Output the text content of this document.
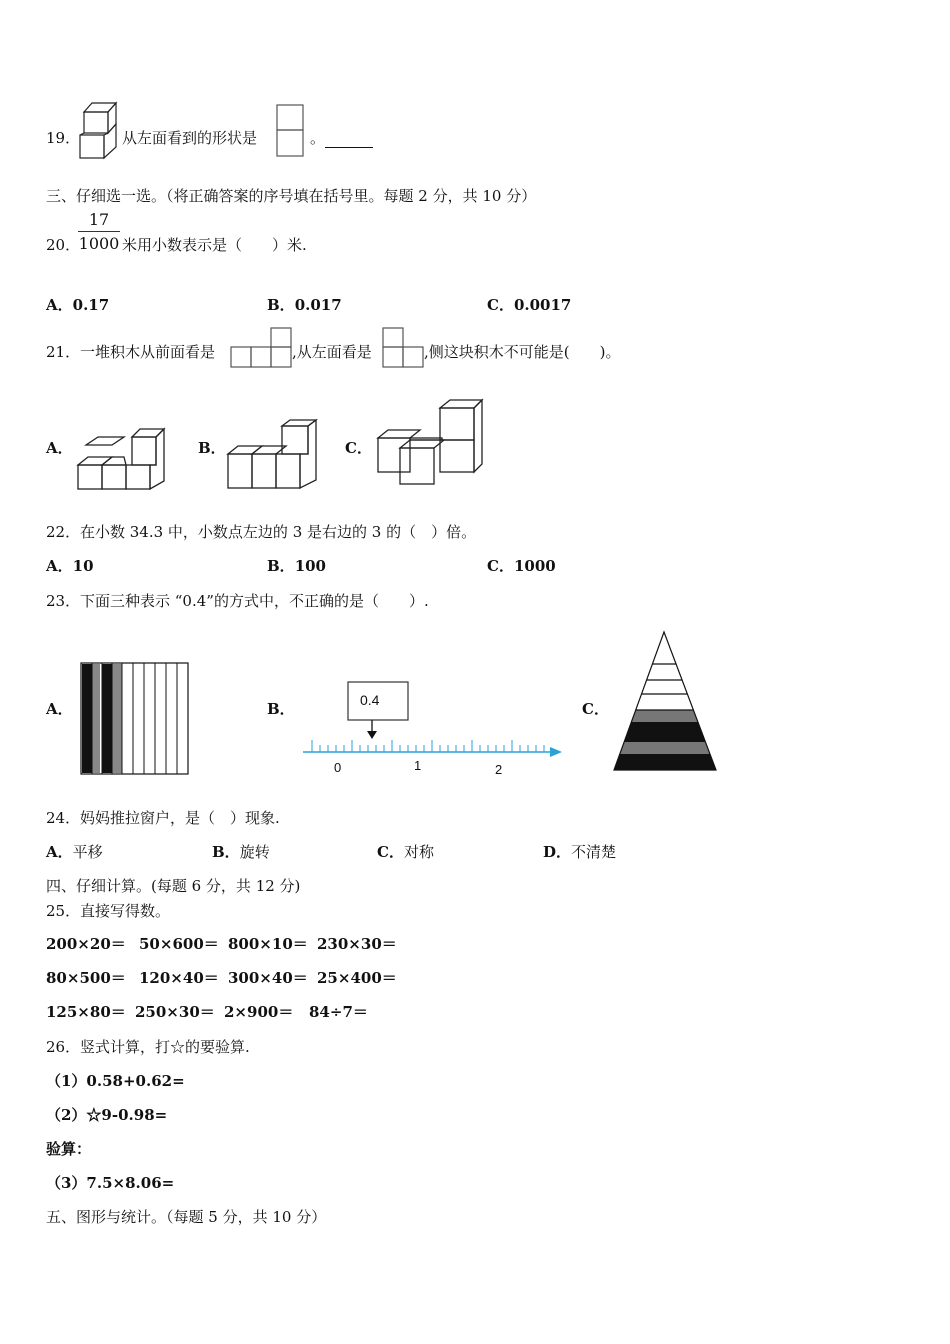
19．	从左面看到的形状是	。
三、仔细选一选。（将正确答案的序号填在括号里。每题 2 分，共 10 分）
20．
17
1000 米用小数表示是（　　）米.
A．0.17	B．0.017	C．0.0017
21． 一堆积木从前面看是	,从左面看是	,侧这块积木不可能是(　　)。
A．	B．	C．
22． 在小数 34.3 中，小数点左边的 3 是右边的 3 的（　）倍。
A．10	B．100	C．1000
23． 下面三种表示 “0.4”的方式中，不正确的是（　　）.
A．	B．	0.4
0	1	2
C．
24． 妈妈推拉窗户，是（　）现象.
A．平移	B．旋转	C．对称	D．不清楚
四、仔细计算。(每题 6 分，共 12 分)
25． 直接写得数。
200×20＝ 50×600＝ 800×10＝ 230×30＝
80×500＝ 120×40＝ 300×40＝ 25×400＝
125×80＝ 250×30＝ 2×900＝ 84÷7＝
26． 竖式计算，打☆的要验算.
（1）0.58+0.62=
（2）☆9-0.98=
验算：
（3）7.5×8.06=
五、图形与统计。（每题 5 分，共 10 分）
